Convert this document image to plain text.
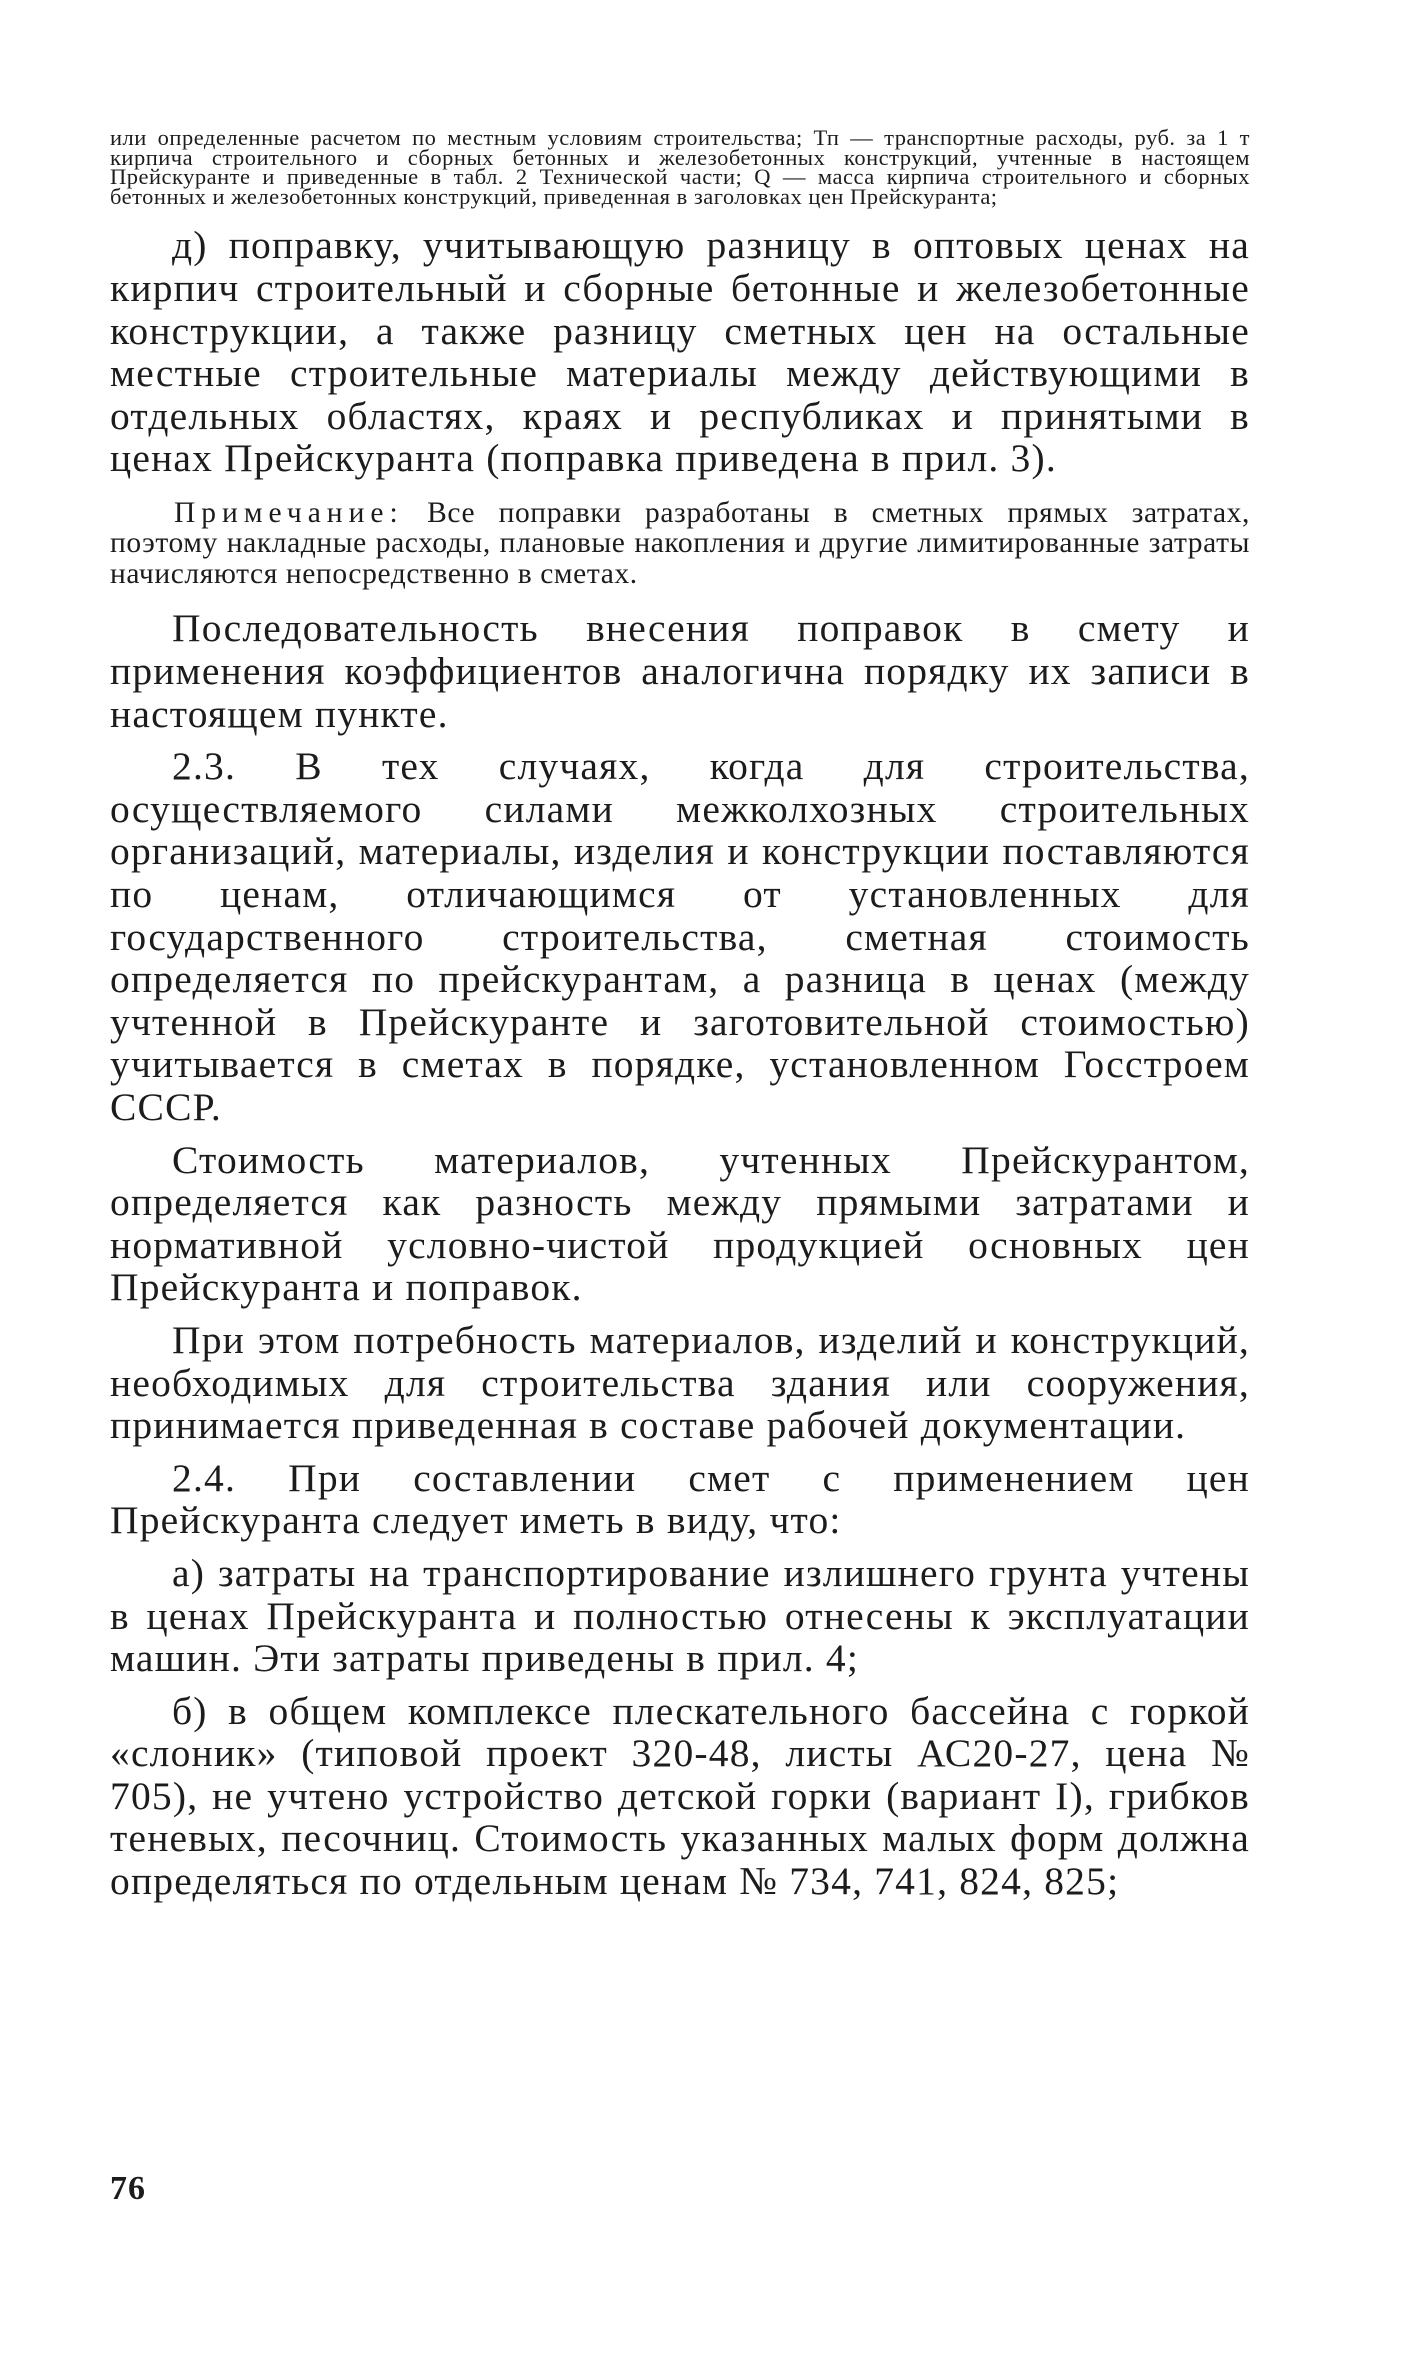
или определенные расчетом по местным условиям строительства; Тп — транспортные расходы, руб. за 1 т кирпича строительного и сборных бетонных и железобетонных конструкций, учтенные в настоящем Прейскуранте и приведенные в табл. 2 Технической части; Q — масса кирпича строительного и сборных бетонных и железобетонных конструкций, приведенная в заголовках цен Прейскуранта;

д) поправку, учитывающую разницу в оптовых ценах на кирпич строительный и сборные бетонные и железобетонные конструкции, а также разницу сметных цен на остальные местные строительные материалы между действующими в отдельных областях, краях и республиках и принятыми в ценах Прейскуранта (поправка приведена в прил. 3).

Примечание: Все поправки разработаны в сметных прямых затратах, поэтому накладные расходы, плановые накопления и другие лимитированные затраты начисляются непосредственно в сметах.

Последовательность внесения поправок в смету и применения коэффициентов аналогична порядку их записи в настоящем пункте.

2.3. В тех случаях, когда для строительства, осуществляемого силами межколхозных строительных организаций, материалы, изделия и конструкции поставляются по ценам, отличающимся от установленных для государственного строительства, сметная стоимость определяется по прейскурантам, а разница в ценах (между учтенной в Прейскуранте и заготовительной стоимостью) учитывается в сметах в порядке, установленном Госстроем СССР.

Стоимость материалов, учтенных Прейскурантом, определяется как разность между прямыми затратами и нормативной условно-чистой продукцией основных цен Прейскуранта и поправок.

При этом потребность материалов, изделий и конструкций, необходимых для строительства здания или сооружения, принимается приведенная в составе рабочей документации.

2.4. При составлении смет с применением цен Прейскуранта следует иметь в виду, что:

а) затраты на транспортирование излишнего грунта учтены в ценах Прейскуранта и полностью отнесены к эксплуатации машин. Эти затраты приведены в прил. 4;

б) в общем комплексе плескательного бассейна с горкой «слоник» (типовой проект 320-48, листы АС20-27, цена № 705), не учтено устройство детской горки (вариант I), грибков теневых, песочниц. Стоимость указанных малых форм должна определяться по отдельным ценам № 734, 741, 824, 825;

76
